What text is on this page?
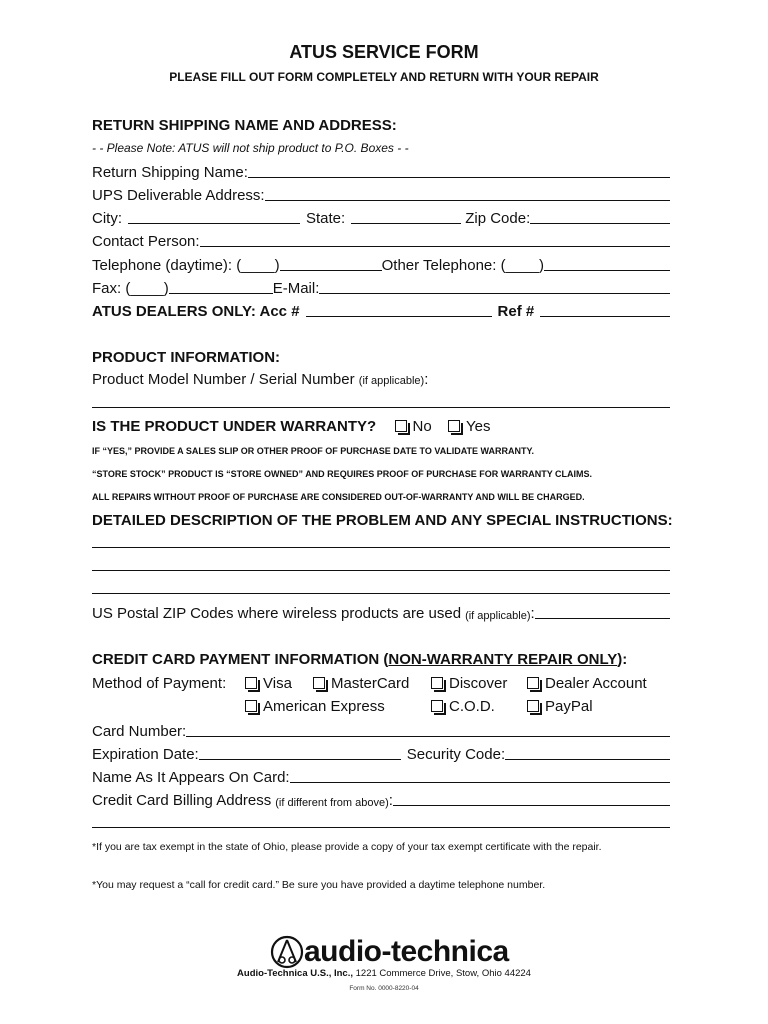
ATUS SERVICE FORM
PLEASE FILL OUT FORM COMPLETELY AND RETURN WITH YOUR REPAIR
RETURN SHIPPING NAME AND ADDRESS:
- - Please Note: ATUS will not ship product to P.O. Boxes - -
Return Shipping Name:
UPS Deliverable Address:
City:	State:	Zip Code:
Contact Person:
Telephone (daytime): (____)	Other Telephone: (____)
Fax: (____)	E-Mail:
ATUS DEALERS ONLY: Acc #	Ref #
PRODUCT INFORMATION:
Product Model Number / Serial Number (if applicable):
IS THE PRODUCT UNDER WARRANTY? No Yes
IF “YES,” PROVIDE A SALES SLIP OR OTHER PROOF OF PURCHASE DATE TO VALIDATE WARRANTY.
“STORE STOCK” PRODUCT IS “STORE OWNED” AND REQUIRES PROOF OF PURCHASE FOR WARRANTY CLAIMS.
ALL REPAIRS WITHOUT PROOF OF PURCHASE ARE CONSIDERED OUT-OF-WARRANTY AND WILL BE CHARGED.
DETAILED DESCRIPTION OF THE PROBLEM AND ANY SPECIAL INSTRUCTIONS:
US Postal ZIP Codes where wireless products are used (if applicable) :
CREDIT CARD PAYMENT INFORMATION (NON-WARRANTY REPAIR ONLY):
Method of Payment:	Visa	MasterCard	Discover	Dealer Account
American Express	C.O.D.	PayPal
Card Number:
Expiration Date:	Security Code:
Name As It Appears On Card:
Credit Card Billing Address (if different from above) :
*If you are tax exempt in the state of Ohio, please provide a copy of your tax exempt certificate with the repair.
*You may request a “call for credit card.” Be sure you have provided a daytime telephone number.
audio-technica
Audio-Technica U.S., Inc., 1221 Commerce Drive, Stow, Ohio 44224
Form No. 0000-8220-04
